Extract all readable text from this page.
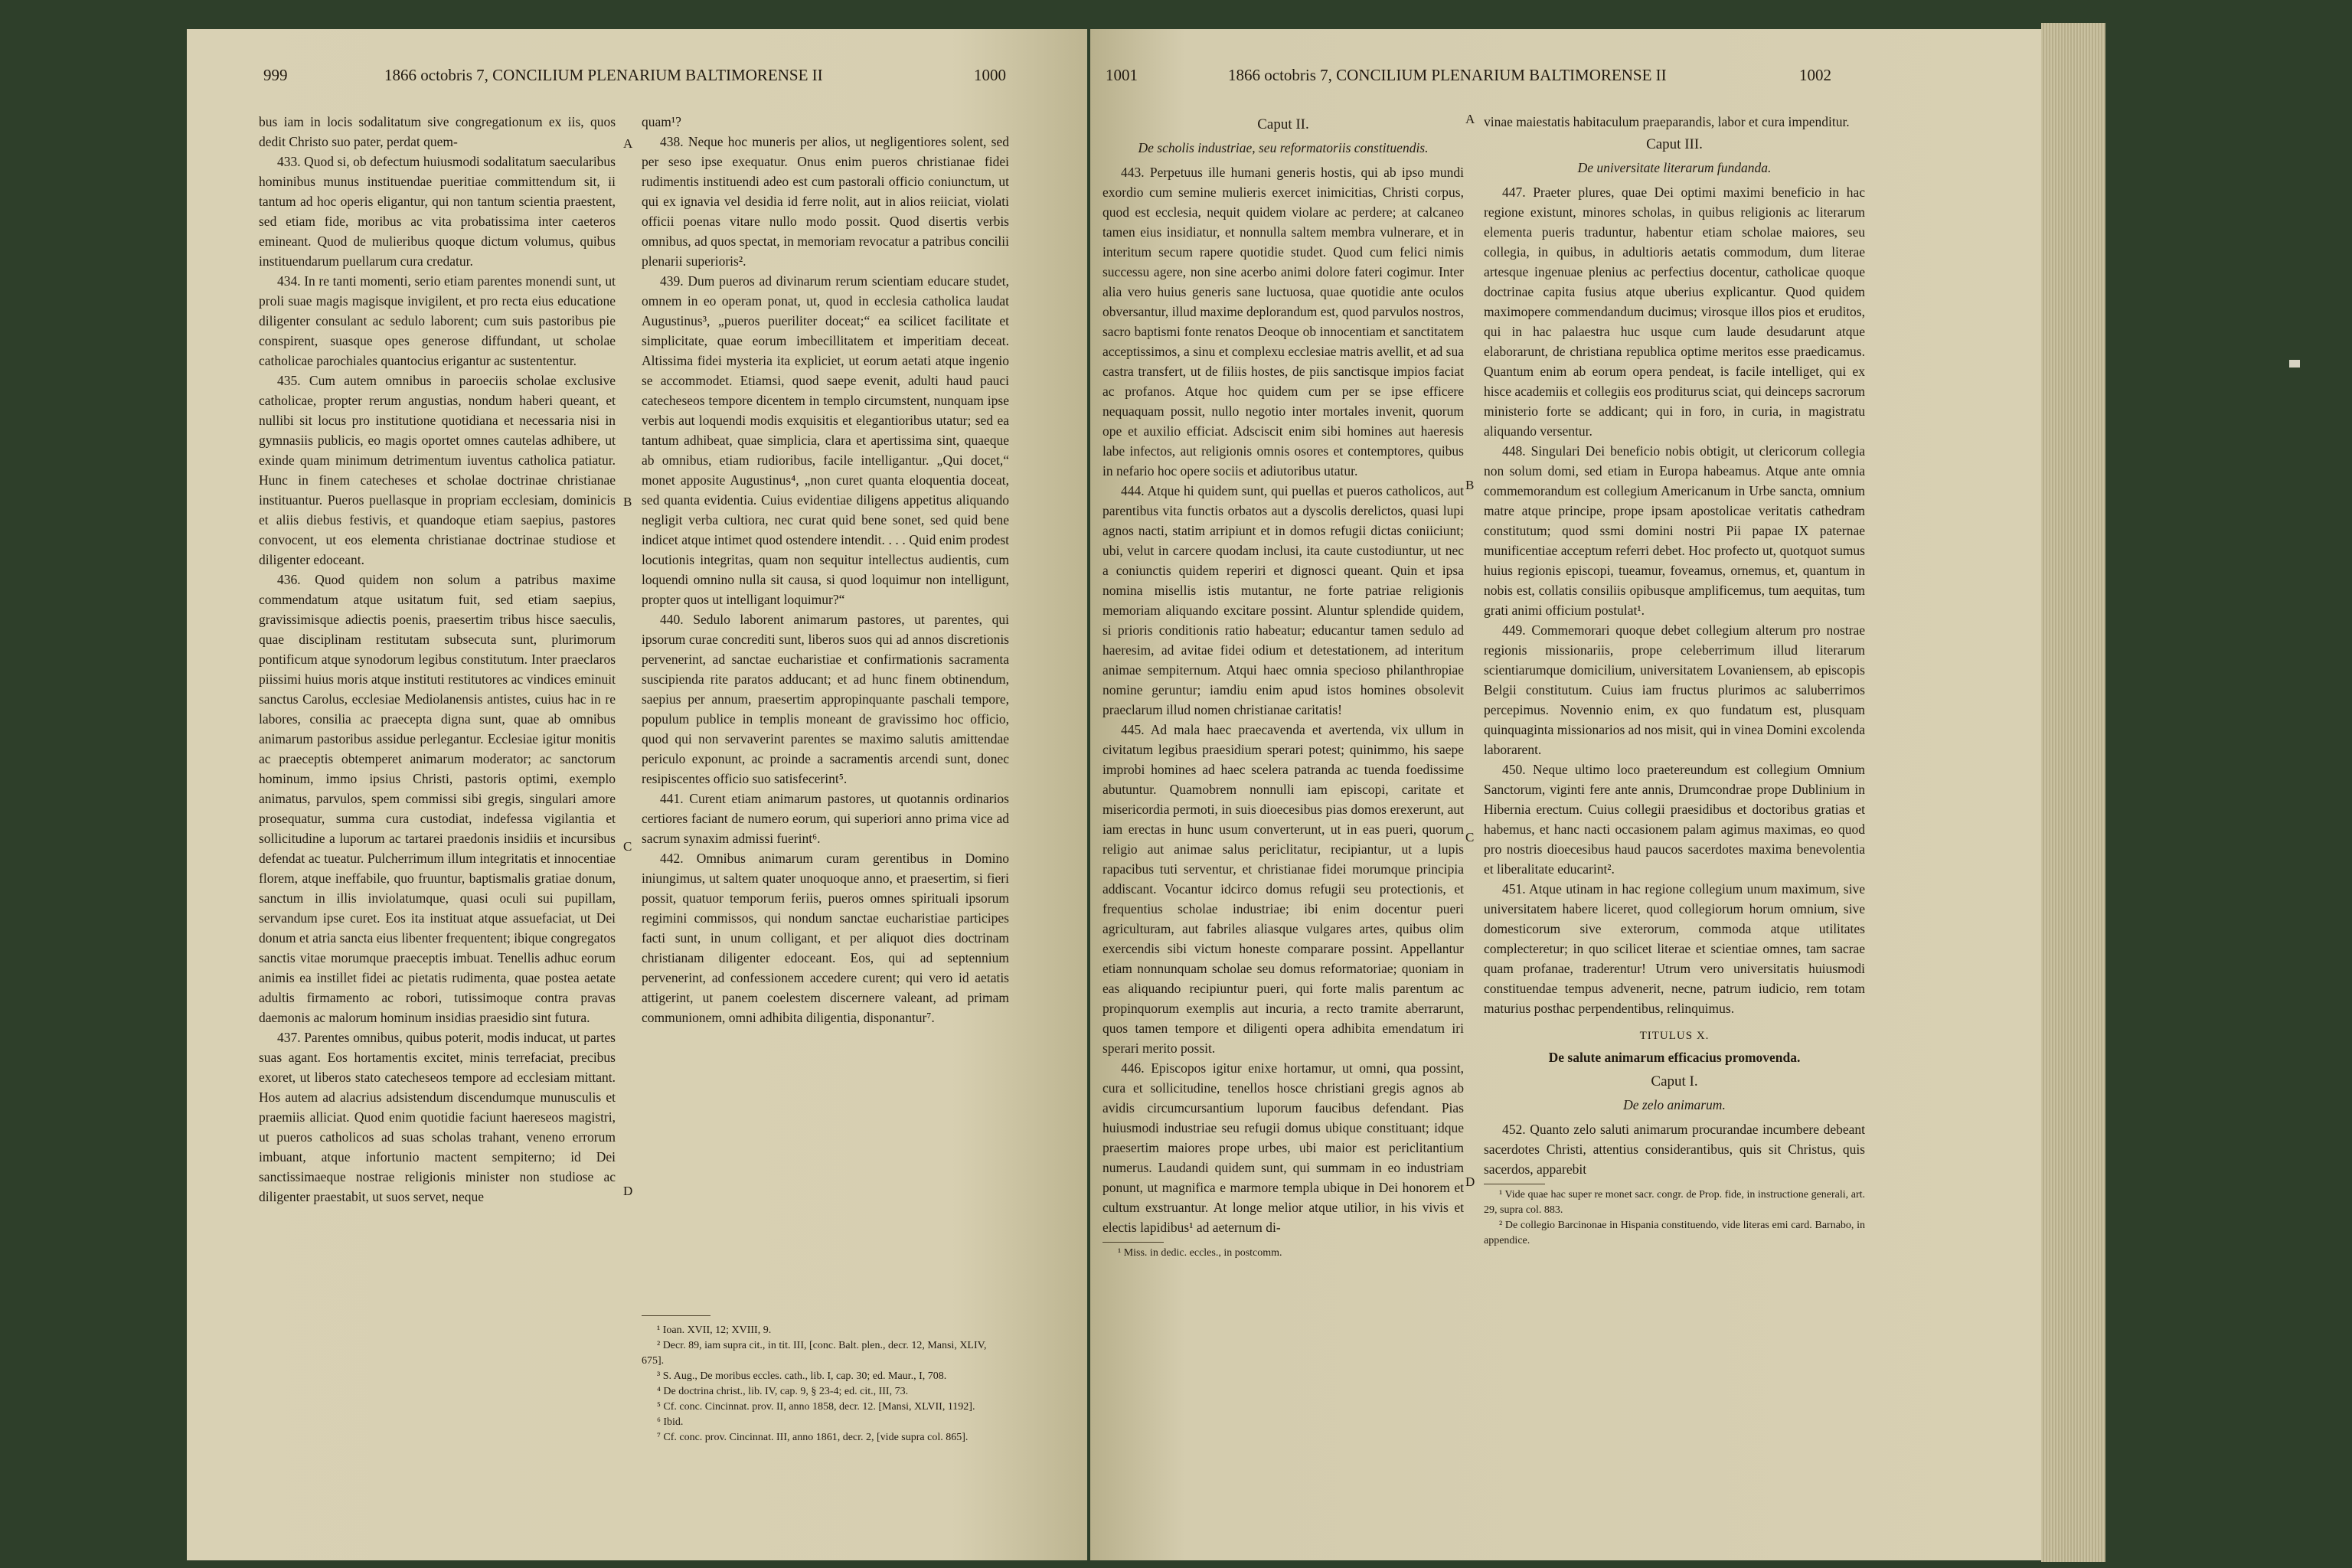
999	1866 octobris 7, CONCILIUM PLENARIUM BALTIMORENSE II	1000

bus iam in locis sodalitatum sive congregationum ex iis, quos dedit Christo suo pater, perdat quem-

433. Quod si, ob defectum huiusmodi sodalitatum saecularibus hominibus munus instituendae pueritiae committendum sit, ii tantum ad hoc operis eligantur, qui non tantum scientia praestent, sed etiam fide, moribus ac vita probatissima inter caeteros emineant. Quod de mulieribus quoque dictum volumus, quibus instituendarum puellarum cura credatur.

434. In re tanti momenti, serio etiam parentes monendi sunt, ut proli suae magis magisque invigilent, et pro recta eius educatione diligenter consulant ac sedulo laborent; cum suis pastoribus pie conspirent, suasque opes generose diffundant, ut scholae catholicae parochiales quantocius erigantur ac sustententur.

435. Cum autem omnibus in paroeciis scholae exclusive catholicae, propter rerum angustias, nondum haberi queant, et nullibi sit locus pro institutione quotidiana et necessaria nisi in gymnasiis publicis, eo magis oportet omnes cautelas adhibere, ut exinde quam minimum detrimentum iuventus catholica patiatur. Hunc in finem catecheses et scholae doctrinae christianae instituantur. Pueros puellasque in propriam ecclesiam, dominicis et aliis diebus festivis, et quandoque etiam saepius, pastores convocent, ut eos elementa christianae doctrinae studiose et diligenter edoceant.

436. Quod quidem non solum a patribus maxime commendatum atque usitatum fuit, sed etiam saepius, gravissimisque adiectis poenis, praesertim tribus hisce saeculis, quae disciplinam restitutam subsecuta sunt, plurimorum pontificum atque synodorum legibus constitutum. Inter praeclaros piissimi huius moris atque instituti restitutores ac vindices eminuit sanctus Carolus, ecclesiae Mediolanensis antistes, cuius hac in re labores, consilia ac praecepta digna sunt, quae ab omnibus animarum pastoribus assidue perlegantur. Ecclesiae igitur monitis ac praeceptis obtemperet animarum moderator; ac sanctorum hominum, immo ipsius Christi, pastoris optimi, exemplo animatus, parvulos, spem commissi sibi gregis, singulari amore prosequatur, summa cura custodiat, indefessa vigilantia et sollicitudine a luporum ac tartarei praedonis insidiis et incursibus defendat ac tueatur. Pulcherrimum illum integritatis et innocentiae florem, atque ineffabile, quo fruuntur, baptismalis gratiae donum, sanctum in illis inviolatumque, quasi oculi sui pupillam, servandum ipse curet. Eos ita instituat atque assuefaciat, ut Dei donum et atria sancta eius libenter frequentent; ibique congregatos sanctis vitae morumque praeceptis imbuat. Tenellis adhuc eorum animis ea instillet fidei ac pietatis rudimenta, quae postea aetate adultis firmamento ac robori, tutissimoque contra pravas daemonis ac malorum hominum insidias praesidio sint futura.

437. Parentes omnibus, quibus poterit, modis inducat, ut partes suas agant. Eos hortamentis excitet, minis terrefaciat, precibus exoret, ut liberos stato catecheseos tempore ad ecclesiam mittant. Hos autem ad alacrius adsistendum discendumque munusculis et praemiis alliciat. Quod enim quotidie faciunt haereseos magistri, ut pueros catholicos ad suas scholas trahant, veneno errorum imbuant, atque infortunio mactent sempiterno; id Dei sanctissimaeque nostrae religionis minister non studiose ac diligenter praestabit, ut suos servet, neque

A
B
C
D

quam¹?

438. Neque hoc muneris per alios, ut negligentiores solent, sed per seso ipse exequatur. Onus enim pueros christianae fidei rudimentis instituendi adeo est cum pastorali officio coniunctum, ut qui ex ignavia vel desidia id ferre nolit, aut in alios reiiciat, violati officii poenas vitare nullo modo possit. Quod disertis verbis omnibus, ad quos spectat, in memoriam revocatur a patribus concilii plenarii superioris².

439. Dum pueros ad divinarum rerum scientiam educare studet, omnem in eo operam ponat, ut, quod in ecclesia catholica laudat Augustinus³, „pueros pueriliter doceat;“ ea scilicet facilitate et simplicitate, quae eorum imbecillitatem et imperitiam deceat. Altissima fidei mysteria ita expliciet, ut eorum aetati atque ingenio se accommodet. Etiamsi, quod saepe evenit, adulti haud pauci catecheseos tempore dicentem in templo circumstent, nunquam ipse verbis aut loquendi modis exquisitis et elegantioribus utatur; sed ea tantum adhibeat, quae simplicia, clara et apertissima sint, quaeque ab omnibus, etiam rudioribus, facile intelligantur. „Qui docet,“ monet apposite Augustinus⁴, „non curet quanta eloquentia doceat, sed quanta evidentia. Cuius evidentiae diligens appetitus aliquando negligit verba cultiora, nec curat quid bene sonet, sed quid bene indicet atque intimet quod ostendere intendit. . . . Quid enim prodest locutionis integritas, quam non sequitur intellectus audientis, cum loquendi omnino nulla sit causa, si quod loquimur non intelligunt, propter quos ut intelligant loquimur?“

440. Sedulo laborent animarum pastores, ut parentes, qui ipsorum curae concrediti sunt, liberos suos qui ad annos discretionis pervenerint, ad sanctae eucharistiae et confirmationis sacramenta suscipienda rite paratos adducant; et ad hunc finem obtinendum, saepius per annum, praesertim appropinquante paschali tempore, populum publice in templis moneant de gravissimo hoc officio, quod qui non servaverint parentes se maximo salutis amittendae periculo exponunt, ac proinde a sacramentis arcendi sunt, donec resipiscentes officio suo satisfecerint⁵.

441. Curent etiam animarum pastores, ut quotannis ordinarios certiores faciant de numero eorum, qui superiori anno prima vice ad sacrum synaxim admissi fuerint⁶.

442. Omnibus animarum curam gerentibus in Domino iniungimus, ut saltem quater unoquoque anno, et praesertim, si fieri possit, quatuor temporum feriis, pueros omnes spirituali ipsorum regimini commissos, qui nondum sanctae eucharistiae participes facti sunt, in unum colligant, et per aliquot dies doctrinam christianam diligenter edoceant. Eos, qui ad septennium pervenerint, ad confessionem accedere curent; qui vero id aetatis attigerint, ut panem coelestem discernere valeant, ad primam communionem, omni adhibita diligentia, disponantur⁷.

¹ Ioan. XVII, 12; XVIII, 9.
² Decr. 89, iam supra cit., in tit. III, [conc. Balt. plen., decr. 12, Mansi, XLIV, 675].
³ S. Aug., De moribus eccles. cath., lib. I, cap. 30; ed. Maur., I, 708.
⁴ De doctrina christ., lib. IV, cap. 9, § 23-4; ed. cit., III, 73.
⁵ Cf. conc. Cincinnat. prov. II, anno 1858, decr. 12. [Mansi, XLVII, 1192].
⁶ Ibid.
⁷ Cf. conc. prov. Cincinnat. III, anno 1861, decr. 2, [vide supra col. 865].
1001	1866 octobris 7, CONCILIUM PLENARIUM BALTIMORENSE II	1002

Caput II.

De scholis industriae, seu reformatoriis constituendis.

443. Perpetuus ille humani generis hostis, qui ab ipso mundi exordio cum semine mulieris exercet inimicitias, Christi corpus, quod est ecclesia, nequit quidem violare ac perdere; at calcaneo tamen eius insidiatur, et nonnulla saltem membra vulnerare, et in interitum secum rapere quotidie studet. Quod cum felici nimis successu agere, non sine acerbo animi dolore fateri cogimur. Inter alia vero huius generis sane luctuosa, quae quotidie ante oculos obversantur, illud maxime deplorandum est, quod parvulos nostros, sacro baptismi fonte renatos Deoque ob innocentiam et sanctitatem acceptissimos, a sinu et complexu ecclesiae matris avellit, et ad sua castra transfert, ut de filiis hostes, de piis sanctisque impios faciat ac profanos. Atque hoc quidem cum per se ipse efficere nequaquam possit, nullo negotio inter mortales invenit, quorum ope et auxilio efficiat. Adsciscit enim sibi homines aut haeresis labe infectos, aut religionis omnis osores et contemptores, quibus in nefario hoc opere sociis et adiutoribus utatur.

444. Atque hi quidem sunt, qui puellas et pueros catholicos, aut parentibus vita functis orbatos aut a dyscolis derelictos, quasi lupi agnos nacti, statim arripiunt et in domos refugii dictas coniiciunt; ubi, velut in carcere quodam inclusi, ita caute custodiuntur, ut nec a coniunctis quidem reperiri et dignosci queant. Quin et ipsa nomina misellis istis mutantur, ne forte patriae religionis memoriam aliquando excitare possint. Aluntur splendide quidem, si prioris conditionis ratio habeatur; educantur tamen sedulo ad haeresim, ad avitae fidei odium et detestationem, ad interitum animae sempiternum. Atqui haec omnia specioso philanthropiae nomine geruntur; iamdiu enim apud istos homines obsolevit praeclarum illud nomen christianae caritatis!

445. Ad mala haec praecavenda et avertenda, vix ullum in civitatum legibus praesidium sperari potest; quinimmo, his saepe improbi homines ad haec scelera patranda ac tuenda foedissime abutuntur. Quamobrem nonnulli iam episcopi, caritate et misericordia permoti, in suis dioecesibus pias domos erexerunt, aut iam erectas in hunc usum converterunt, ut in eas pueri, quorum religio aut animae salus periclitatur, recipiantur, ut a lupis rapacibus tuti serventur, et christianae fidei morumque principia addiscant. Vocantur idcirco domus refugii seu protectionis, et frequentius scholae industriae; ibi enim docentur pueri agriculturam, aut fabriles aliasque vulgares artes, quibus olim exercendis sibi victum honeste comparare possint. Appellantur etiam nonnunquam scholae seu domus reformatoriae; quoniam in eas aliquando recipiuntur pueri, qui forte malis parentum ac propinquorum exemplis aut incuria, a recto tramite aberrarunt, quos tamen tempore et diligenti opera adhibita emendatum iri sperari merito possit.

446. Episcopos igitur enixe hortamur, ut omni, qua possint, cura et sollicitudine, tenellos hosce christiani gregis agnos ab avidis circumcursantium luporum faucibus defendant. Pias huiusmodi industriae seu refugii domus ubique constituant; idque praesertim maiores prope urbes, ubi maior est periclitantium numerus. Laudandi quidem sunt, qui summam in eo industriam ponunt, ut magnifica e marmore templa ubique in Dei honorem et cultum exstruantur. At longe melior atque utilior, in his vivis et electis lapidibus¹ ad aeternum di-

¹ Miss. in dedic. eccles., in postcomm.
A
B
C
D

vinae maiestatis habitaculum praeparandis, labor et cura impenditur.

Caput III.

De universitate literarum fundanda.

447. Praeter plures, quae Dei optimi maximi beneficio in hac regione existunt, minores scholas, in quibus religionis ac literarum elementa pueris traduntur, habentur etiam scholae maiores, seu collegia, in quibus, in adultioris aetatis commodum, dum literae artesque ingenuae plenius ac perfectius docentur, catholicae quoque doctrinae capita fusius atque uberius explicantur. Quod quidem maximopere commendandum ducimus; virosque illos pios et eruditos, qui in hac palaestra huc usque cum laude desudarunt atque elaborarunt, de christiana republica optime meritos esse praedicamus. Quantum enim ab eorum opera pendeat, is facile intelliget, qui ex hisce academiis et collegiis eos proditurus sciat, qui deinceps sacrorum ministerio forte se addicant; qui in foro, in curia, in magistratu aliquando versentur.

448. Singulari Dei beneficio nobis obtigit, ut clericorum collegia non solum domi, sed etiam in Europa habeamus. Atque ante omnia commemorandum est collegium Americanum in Urbe sancta, omnium matre atque principe, prope ipsam apostolicae veritatis cathedram constitutum; quod ssmi domini nostri Pii papae IX paternae munificentiae acceptum referri debet. Hoc profecto ut, quotquot sumus huius regionis episcopi, tueamur, foveamus, ornemus, et, quantum in nobis est, collatis consiliis opibusque amplificemus, tum aequitas, tum grati animi officium postulat¹.

449. Commemorari quoque debet collegium alterum pro nostrae regionis missionariis, prope celeberrimum illud literarum scientiarumque domicilium, universitatem Lovaniensem, ab episcopis Belgii constitutum. Cuius iam fructus plurimos ac saluberrimos percepimus. Novennio enim, ex quo fundatum est, plusquam quinquaginta missionarios ad nos misit, qui in vinea Domini excolenda laborarent.

450. Neque ultimo loco praetereundum est collegium Omnium Sanctorum, viginti fere ante annis, Drumcondrae prope Dublinium in Hibernia erectum. Cuius collegii praesidibus et doctoribus gratias et habemus, et hanc nacti occasionem palam agimus maximas, eo quod pro nostris dioecesibus haud paucos sacerdotes maxima benevolentia et liberalitate educarint².

451. Atque utinam in hac regione collegium unum maximum, sive universitatem habere liceret, quod collegiorum horum omnium, sive domesticorum sive exterorum, commoda atque utilitates complecteretur; in quo scilicet literae et scientiae omnes, tam sacrae quam profanae, traderentur! Utrum vero universitatis huiusmodi constituendae tempus advenerit, necne, patrum iudicio, rem totam maturius posthac perpendentibus, relinquimus.

TITULUS X.

De salute animarum efficacius promovenda.

Caput I.

De zelo animarum.

452. Quanto zelo saluti animarum procurandae incumbere debeant sacerdotes Christi, attentius considerantibus, quis sit Christus, quis sacerdos, apparebit

¹ Vide quae hac super re monet sacr. congr. de Prop. fide, in instructione generali, art. 29, supra col. 883.
² De collegio Barcinonae in Hispania constituendo, vide literas emi card. Barnabo, in appendice.
